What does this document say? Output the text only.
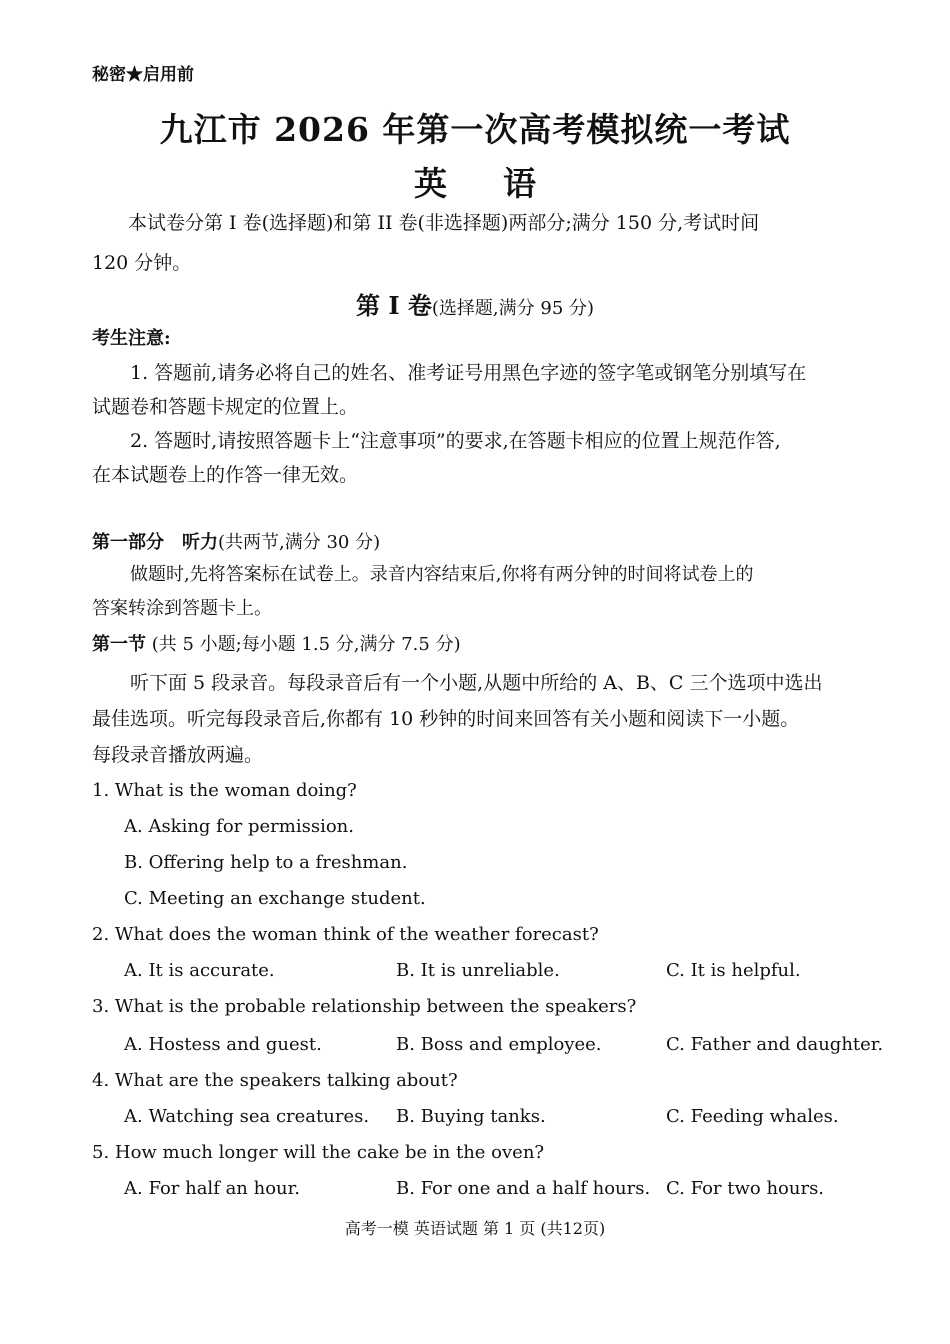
秘密★启用前
九江市 2026 年第一次高考模拟统一考试
英 语
本试卷分第 I 卷(选择题)和第 II 卷(非选择题)两部分;满分 150 分,考试时间
120 分钟。
第 I 卷(选择题,满分 95 分)
考生注意:
1. 答题前,请务必将自己的姓名、准考证号用黑色字迹的签字笔或钢笔分别填写在
试题卷和答题卡规定的位置上。
2. 答题时,请按照答题卡上“注意事项”的要求,在答题卡相应的位置上规范作答,
在本试题卷上的作答一律无效。
第一部分 听力(共两节,满分 30 分)
做题时,先将答案标在试卷上。录音内容结束后,你将有两分钟的时间将试卷上的
答案转涂到答题卡上。
第一节 (共 5 小题;每小题 1.5 分,满分 7.5 分)
听下面 5 段录音。每段录音后有一个小题,从题中所给的 A、B、C 三个选项中选出
最佳选项。听完每段录音后,你都有 10 秒钟的时间来回答有关小题和阅读下一小题。
每段录音播放两遍。
1. What is the woman doing?
A. Asking for permission.
B. Offering help to a freshman.
C. Meeting an exchange student.
2. What does the woman think of the weather forecast?
A. It is accurate.	B. It is unreliable.	C. It is helpful.
3. What is the probable relationship between the speakers?
A. Hostess and guest.	B. Boss and employee.	C. Father and daughter.
4. What are the speakers talking about?
A. Watching sea creatures. B. Buying tanks.	C. Feeding whales.
5. How much longer will the cake be in the oven?
A. For half an hour.	B. For one and a half hours. C. For two hours.
高考一模 英语试题 第 1 页 (共12页)
